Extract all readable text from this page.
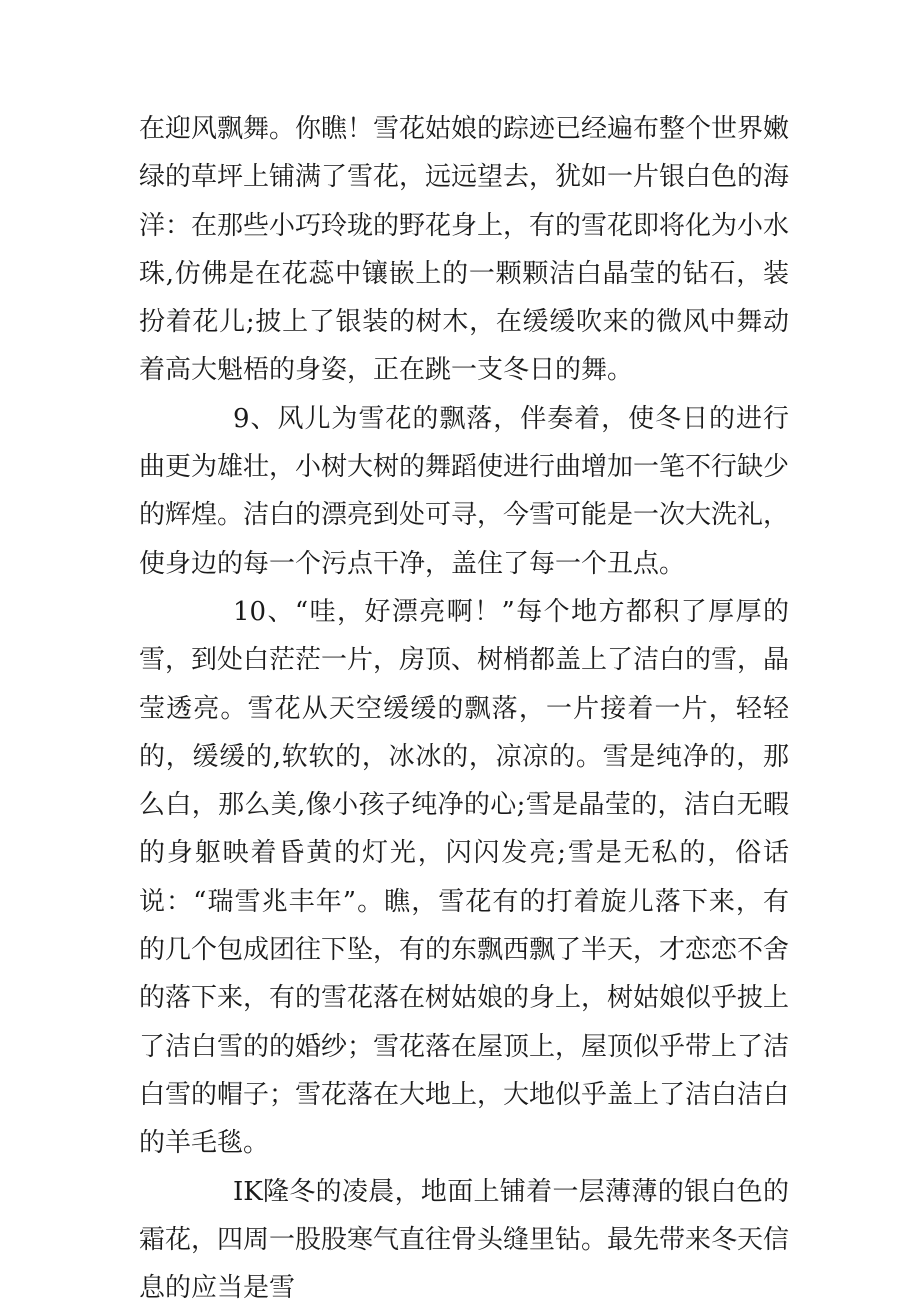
在迎风飘舞。你瞧！雪花姑娘的踪迹已经遍布整个世界嫩绿的草坪上铺满了雪花，远远望去，犹如一片银白色的海洋：在那些小巧玲珑的野花身上，有的雪花即将化为小水珠,仿佛是在花蕊中镶嵌上的一颗颗洁白晶莹的钻石，装扮着花儿;披上了银装的树木，在缓缓吹来的微风中舞动着高大魁梧的身姿，正在跳一支冬日的舞。

9、风儿为雪花的飘落，伴奏着，使冬日的进行曲更为雄壮，小树大树的舞蹈使进行曲增加一笔不行缺少的辉煌。洁白的漂亮到处可寻，今雪可能是一次大洗礼，使身边的每一个污点干净，盖住了每一个丑点。

10、“哇，好漂亮啊！”每个地方都积了厚厚的雪，到处白茫茫一片，房顶、树梢都盖上了洁白的雪，晶莹透亮。雪花从天空缓缓的飘落，一片接着一片，轻轻的，缓缓的,软软的，冰冰的，凉凉的。雪是纯净的，那么白，那么美,像小孩子纯净的心;雪是晶莹的，洁白无暇的身躯映着昏黄的灯光，闪闪发亮;雪是无私的，俗话说：“瑞雪兆丰年”。瞧，雪花有的打着旋儿落下来，有的几个包成团往下坠，有的东飘西飘了半天，才恋恋不舍的落下来，有的雪花落在树姑娘的身上，树姑娘似乎披上了洁白雪的的婚纱；雪花落在屋顶上，屋顶似乎带上了洁白雪的帽子；雪花落在大地上，大地似乎盖上了洁白洁白的羊毛毯。

IK隆冬的凌晨，地面上铺着一层薄薄的银白色的霜花，四周一股股寒气直往骨头缝里钻。最先带来冬天信息的应当是雪
